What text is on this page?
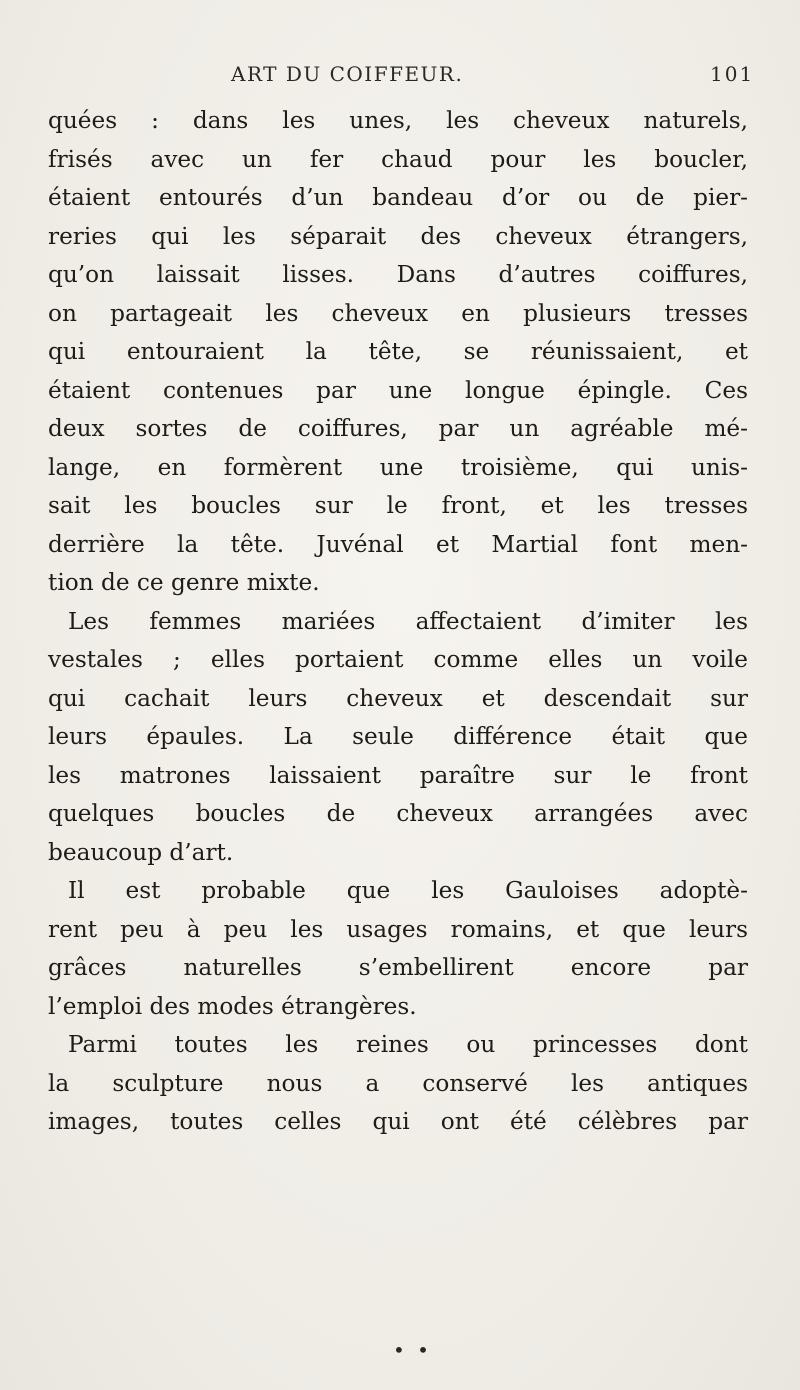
ART DU COIFFEUR.	101
quées : dans les unes, les cheveux naturels,
frisés avec un fer chaud pour les boucler,
étaient entourés d’un bandeau d’or ou de pier-
reries qui les séparait des cheveux étrangers,
qu’on laissait lisses. Dans d’autres coiffures,
on partageait les cheveux en plusieurs tresses
qui entouraient la tête, se réunissaient, et
étaient contenues par une longue épingle. Ces
deux sortes de coiffures, par un agréable mé-
lange, en formèrent une troisième, qui unis-
sait les boucles sur le front, et les tresses
derrière la tête. Juvénal et Martial font men-
tion de ce genre mixte.
Les femmes mariées affectaient d’imiter les
vestales ; elles portaient comme elles un voile
qui cachait leurs cheveux et descendait sur
leurs épaules. La seule différence était que
les matrones laissaient paraître sur le front
quelques boucles de cheveux arrangées avec
beaucoup d’art.
Il est probable que les Gauloises adoptè-
rent peu à peu les usages romains, et que leurs
grâces naturelles s’embellirent encore par
l’emploi des modes étrangères.
Parmi toutes les reines ou princesses dont
la sculpture nous a conservé les antiques
images, toutes celles qui ont été célèbres par
• •
